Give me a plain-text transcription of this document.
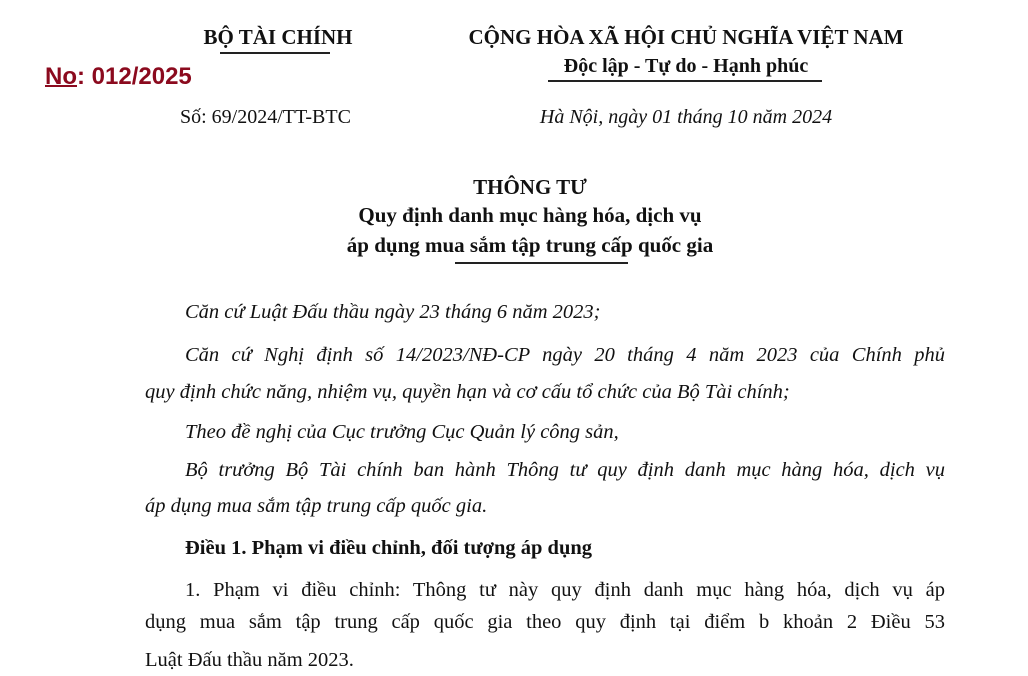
BỘ TÀI CHÍNH
No: 012/2025
Số: 69/2024/TT-BTC
CỘNG HÒA XÃ HỘI CHỦ NGHĨA VIỆT NAM
Độc lập - Tự do - Hạnh phúc
Hà Nội, ngày 01 tháng 10 năm 2024
THÔNG TƯ
Quy định danh mục hàng hóa, dịch vụ
áp dụng mua sắm tập trung cấp quốc gia
Căn cứ Luật Đấu thầu ngày 23 tháng 6 năm 2023;
Căn cứ Nghị định số 14/2023/NĐ-CP ngày 20 tháng 4 năm 2023 của Chính phủ
quy định chức năng, nhiệm vụ, quyền hạn và cơ cấu tổ chức của Bộ Tài chính;
Theo đề nghị của Cục trưởng Cục Quản lý công sản,
Bộ trưởng Bộ Tài chính ban hành Thông tư quy định danh mục hàng hóa, dịch vụ
áp dụng mua sắm tập trung cấp quốc gia.
Điều 1. Phạm vi điều chỉnh, đối tượng áp dụng
1. Phạm vi điều chỉnh: Thông tư này quy định danh mục hàng hóa, dịch vụ áp
dụng mua sắm tập trung cấp quốc gia theo quy định tại điểm b khoản 2 Điều 53
Luật Đấu thầu năm 2023.
